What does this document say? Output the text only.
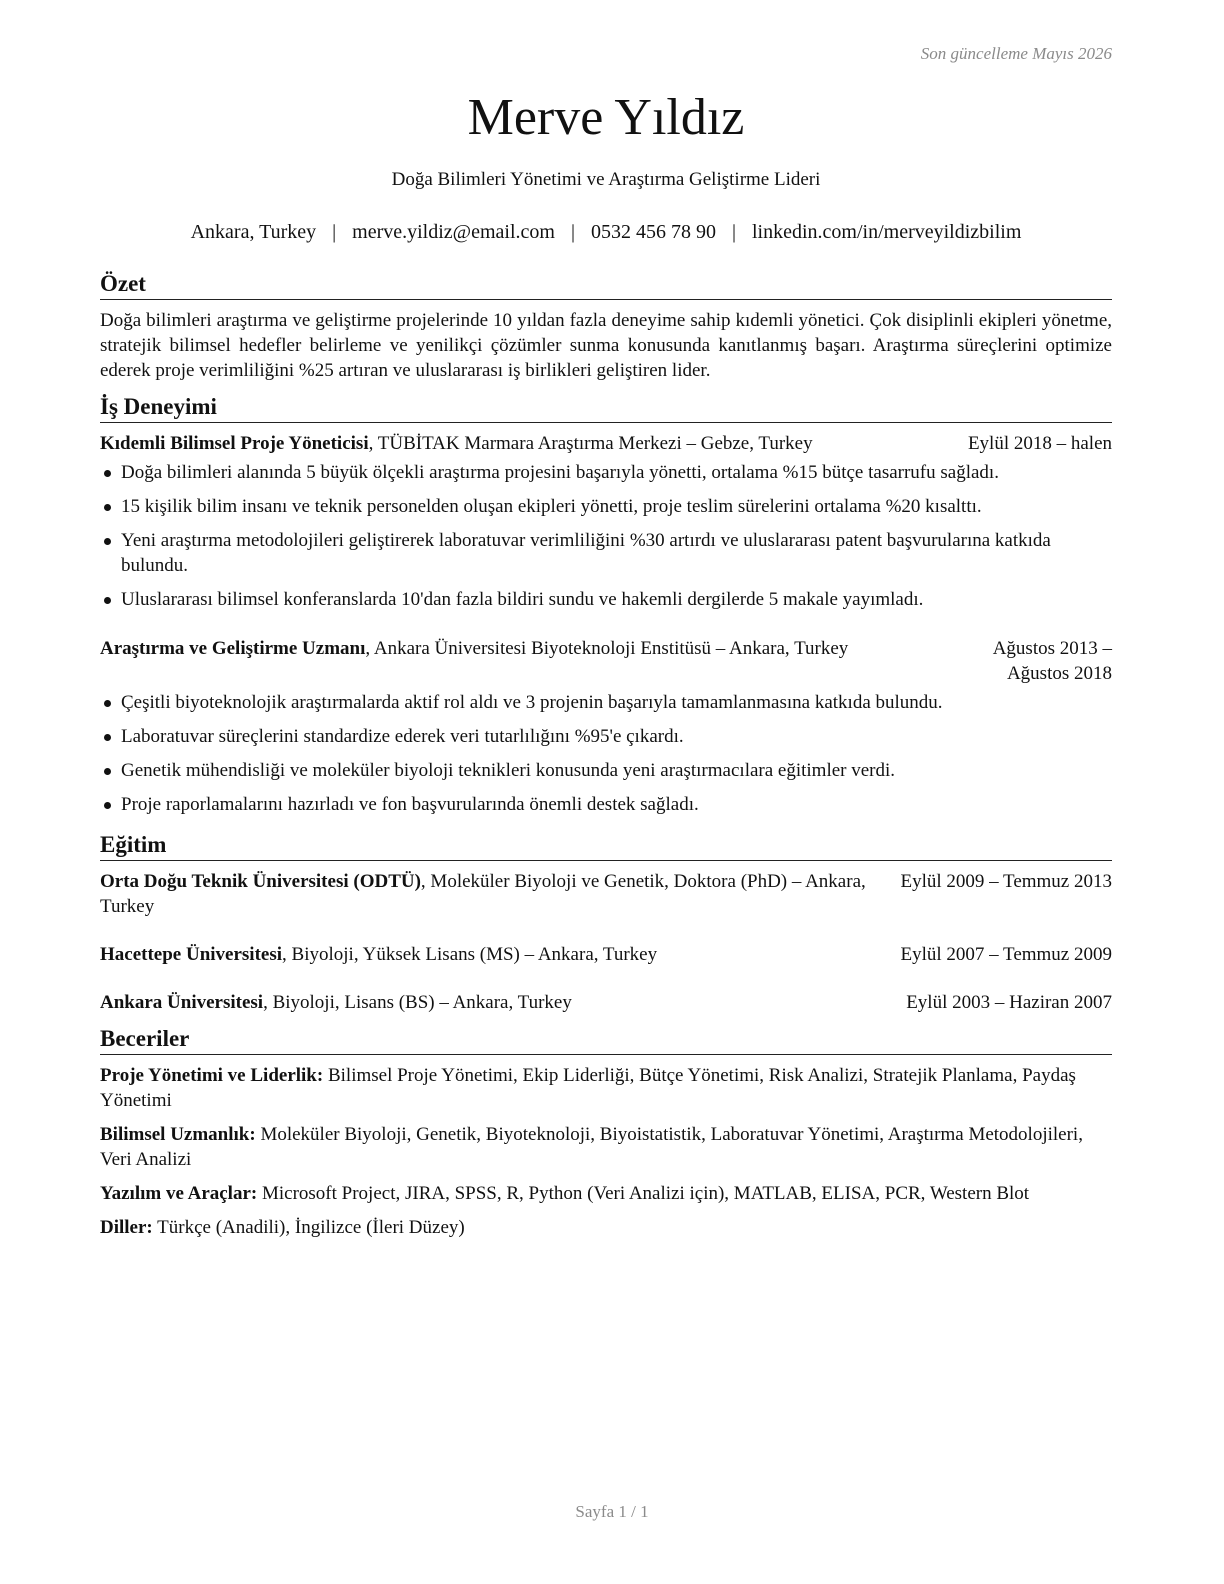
Son güncelleme Mayıs 2026
Merve Yıldız
Doğa Bilimleri Yönetimi ve Araştırma Geliştirme Lideri
Ankara, Turkey | merve.yildiz@email.com | 0532 456 78 90 | linkedin.com/in/merveyildizbilim
Özet

Doğa bilimleri araştırma ve geliştirme projelerinde 10 yıldan fazla deneyime sahip kıdemli yönetici. Çok disiplinli ekipleri yönetme, stratejik bilimsel hedefler belirleme ve yenilikçi çözümler sunma konusunda kanıtlanmış başarı. Araştırma süreçlerini optimize ederek proje verimliliğini %25 artıran ve uluslararası iş birlikleri geliştiren lider.

İş Deneyimi
Kıdemli Bilimsel Proje Yöneticisi, TÜBİTAK Marmara Araştırma Merkezi – Gebze, Turkey	Eylül 2018 – halen
Doğa bilimleri alanında 5 büyük ölçekli araştırma projesini başarıyla yönetti, ortalama %15 bütçe tasarrufu sağladı.
15 kişilik bilim insanı ve teknik personelden oluşan ekipleri yönetti, proje teslim sürelerini ortalama %20 kısalttı.
Yeni araştırma metodolojileri geliştirerek laboratuvar verimliliğini %30 artırdı ve uluslararası patent başvurularına katkıda bulundu.
Uluslararası bilimsel konferanslarda 10'dan fazla bildiri sundu ve hakemli dergilerde 5 makale yayımladı.
Araştırma ve Geliştirme Uzmanı, Ankara Üniversitesi Biyoteknoloji Enstitüsü – Ankara, Turkey	Ağustos 2013 – Ağustos 2018
Çeşitli biyoteknolojik araştırmalarda aktif rol aldı ve 3 projenin başarıyla tamamlanmasına katkıda bulundu.
Laboratuvar süreçlerini standardize ederek veri tutarlılığını %95'e çıkardı.
Genetik mühendisliği ve moleküler biyoloji teknikleri konusunda yeni araştırmacılara eğitimler verdi.
Proje raporlamalarını hazırladı ve fon başvurularında önemli destek sağladı.
Eğitim
Orta Doğu Teknik Üniversitesi (ODTÜ), Moleküler Biyoloji ve Genetik, Doktora (PhD) – Ankara, Turkey
Eylül 2009 – Temmuz 2013
Hacettepe Üniversitesi, Biyoloji, Yüksek Lisans (MS) – Ankara, Turkey	Eylül 2007 – Temmuz 2009
Ankara Üniversitesi, Biyoloji, Lisans (BS) – Ankara, Turkey	Eylül 2003 – Haziran 2007
Beceriler
Proje Yönetimi ve Liderlik: Bilimsel Proje Yönetimi, Ekip Liderliği, Bütçe Yönetimi, Risk Analizi, Stratejik Planlama, Paydaş Yönetimi
Bilimsel Uzmanlık: Moleküler Biyoloji, Genetik, Biyoteknoloji, Biyoistatistik, Laboratuvar Yönetimi, Araştırma Metodolojileri, Veri Analizi
Yazılım ve Araçlar: Microsoft Project, JIRA, SPSS, R, Python (Veri Analizi için), MATLAB, ELISA, PCR, Western Blot
Diller: Türkçe (Anadili), İngilizce (İleri Düzey)
Sayfa 1 / 1
